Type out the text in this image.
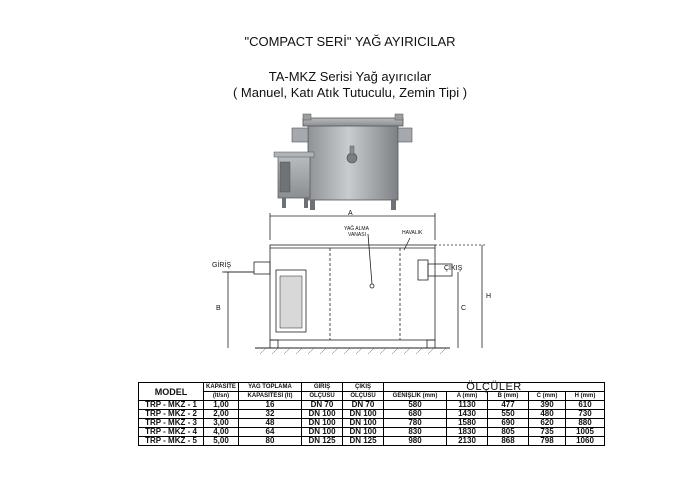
"COMPACT SERİ" YAĞ AYIRICILAR
TA-MKZ Serisi Yağ ayırıcılar
( Manuel, Katı Atık Tutuculu, Zemin Tipi )
A
YAĞ ALMA
VANASI	HAVALIK
GİRİŞ	ÇIKIŞ
B	C
H
MODEL	KAPASİTE	YAĞ TOPLAMA	GİRİŞ	ÇIKIŞ	ÖLÇÜLER				
	(lt/sn)	KAPASİTESİ (lt)	ÖLÇÜSÜ	ÖLÇÜSÜ	GENİŞLİK (mm)	A (mm)	B (mm)	C (mm)	H (mm)
TRP - MKZ - 1	1,00	16	DN 70	DN 70	580	1130	477	390	610
TRP - MKZ - 2	2,00	32	DN 100	DN 100	680	1430	550	480	730
TRP - MKZ - 3	3,00	48	DN 100	DN 100	780	1580	690	620	880
TRP - MKZ - 4	4,00	64	DN 100	DN 100	830	1830	805	735	1005
TRP - MKZ - 5	5,00	80	DN 125	DN 125	980	2130	868	798	1060
